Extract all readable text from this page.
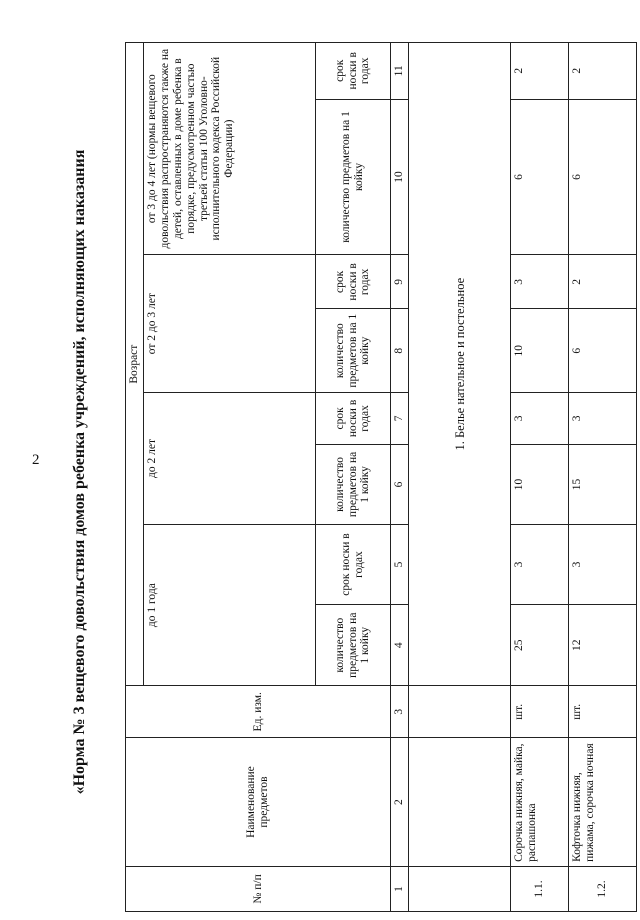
2	«Норма № 3 вещевого довольствия домов ребенка учреждений, исполняющих наказания
№ п/п	Наименование предметов	Ед. изм.	Возраст							
			до 1 года		до 2 лет		от 2 до 3 лет		от 3 до 4 лет (нормы вещевого довольствия распространяются также на детей, оставленных в доме ребенка в порядке, предусмотренном частью третьей статьи 100 Уголовно-исполнительного кодекса Российской Федерации)	
			количество предметов на 1 койку	срок носки в годах	количество предметов на 1 койку	срок носки в годах	количество предметов на 1 койку	срок носки в годах	количество предметов на 1 койку	срок носки в годах
1	2	3	4	5	6	7	8	9	10	11
			1. Белье нательное и постельное							
1.1.	Сорочка нижняя, майка, распашонка	шт.	25	3	10	3	10	3	6	2
1.2.	Кофточка нижняя, пижама, сорочка ночная	шт.	12	3	15	3	6	2	6	2
